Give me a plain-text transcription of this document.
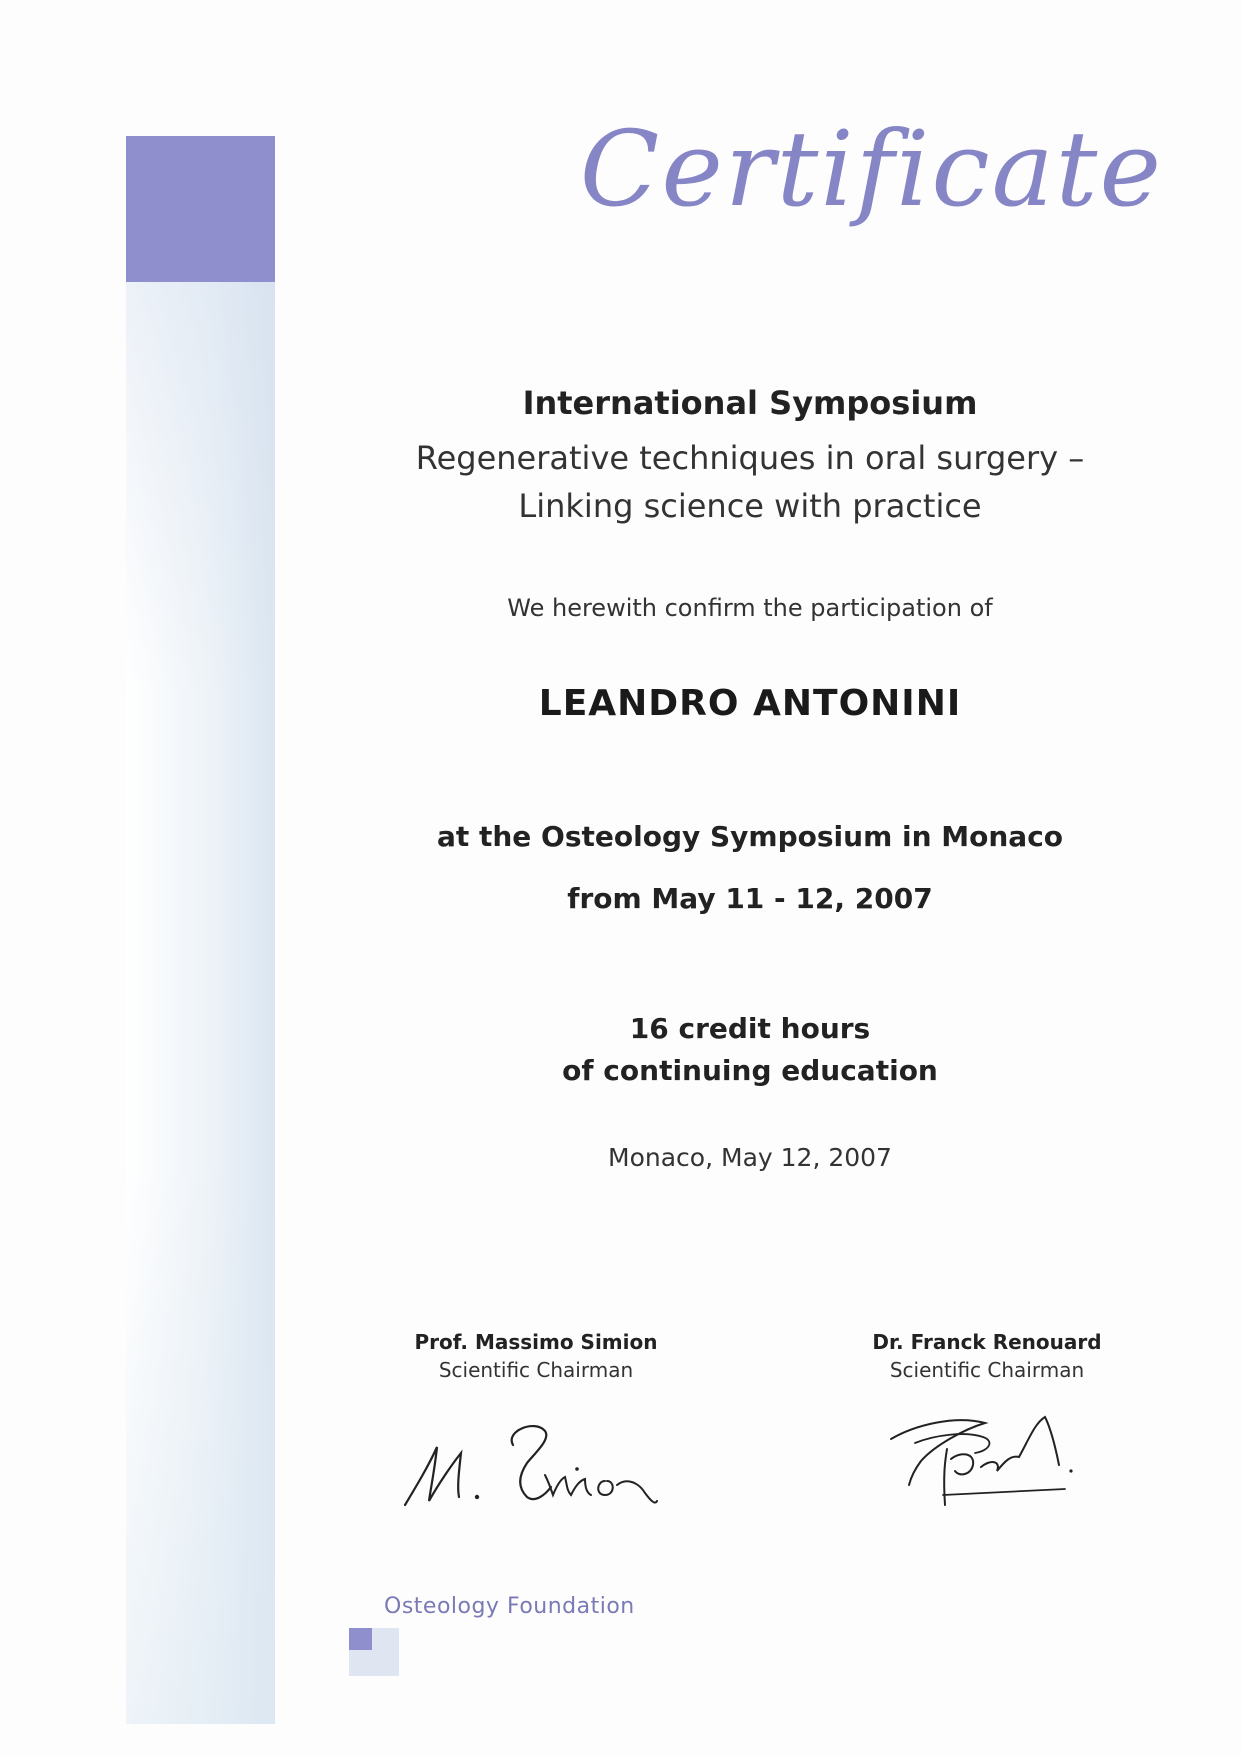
Certificate
International Symposium
Regenerative techniques in oral surgery –
Linking science with practice
We herewith confirm the participation of
LEANDRO ANTONINI
at the Osteology Symposium in Monaco
from May 11 - 12, 2007
16 credit hours
of continuing education
Monaco, May 12, 2007
Prof. Massimo Simion
Scientific Chairman
Dr. Franck Renouard
Scientific Chairman
Osteology Foundation
